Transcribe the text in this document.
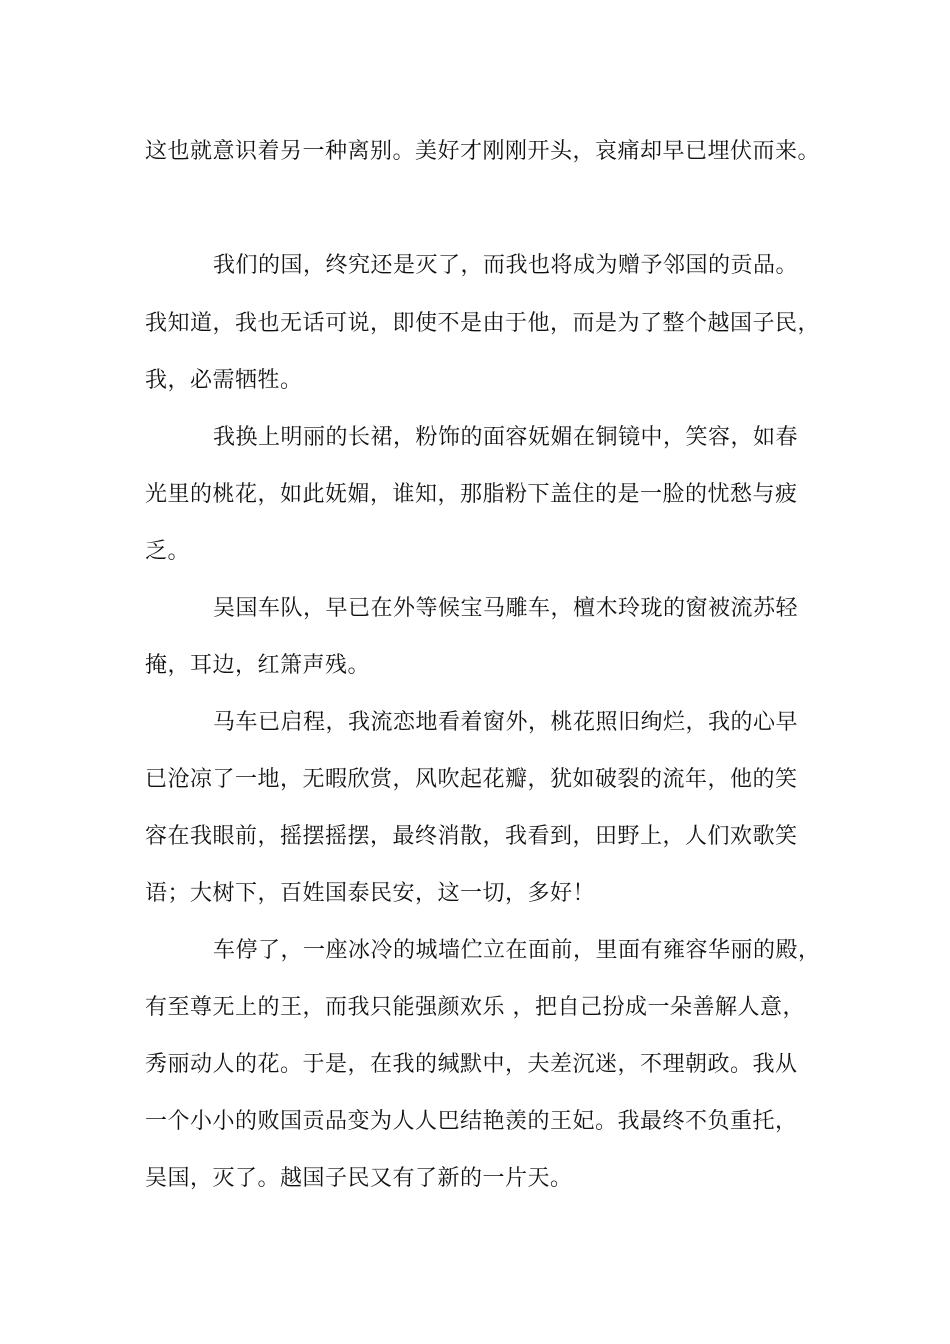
这也就意识着另一种离别。美好才刚刚开头，哀痛却早已埋伏而来。
我们的国，终究还是灭了，而我也将成为赠予邻国的贡品。
我知道，我也无话可说，即使不是由于他，而是为了整个越国子民，
我，必需牺牲。
我换上明丽的长裙，粉饰的面容妩媚在铜镜中，笑容，如春
光里的桃花，如此妩媚，谁知，那脂粉下盖住的是一脸的忧愁与疲
乏。
吴国车队，早已在外等候宝马雕车，檀木玲珑的窗被流苏轻
掩，耳边，红箫声残。
马车已启程，我流恋地看着窗外，桃花照旧绚烂，我的心早
已沧凉了一地，无暇欣赏，风吹起花瓣，犹如破裂的流年，他的笑
容在我眼前，摇摆摇摆，最终消散，我看到，田野上，人们欢歌笑
语；大树下，百姓国泰民安，这一切，多好！
车停了，一座冰冷的城墙伫立在面前，里面有雍容华丽的殿，
有至尊无上的王，而我只能强颜欢乐 ，把自己扮成一朵善解人意，
秀丽动人的花。于是，在我的缄默中，夫差沉迷，不理朝政。我从
一个小小的败国贡品变为人人巴结艳羡的王妃。我最终不负重托，
吴国，灭了。越国子民又有了新的一片天。
